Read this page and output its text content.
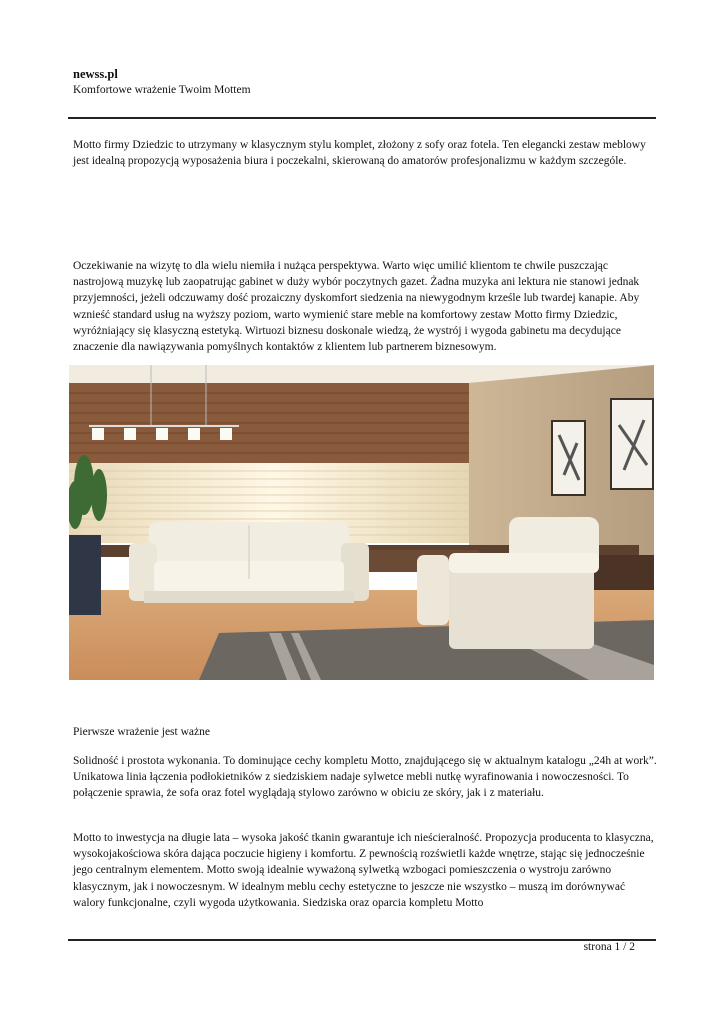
newss.pl
Komfortowe wrażenie Twoim Mottem

Motto firmy Dziedzic to utrzymany w klasycznym stylu komplet, złożony z sofy oraz fotela. Ten elegancki zestaw meblowy jest idealną propozycją wyposażenia biura i poczekalni, skierowaną do amatorów profesjonalizmu w każdym szczególe.

Oczekiwanie na wizytę to dla wielu niemiła i nużąca perspektywa. Warto więc umilić klientom te chwile puszczając nastrojową muzykę lub zaopatrując gabinet w duży wybór poczytnych gazet. Żadna muzyka ani lektura nie stanowi jednak przyjemności, jeżeli odczuwamy dość prozaiczny dyskomfort siedzenia na niewygodnym krześle lub twardej kanapie. Aby wznieść standard usług na wyższy poziom, warto wymienić stare meble na komfortowy zestaw Motto firmy Dziedzic, wyróżniający się klasyczną estetyką. Wirtuozi biznesu doskonale wiedzą, że wystrój i wygoda gabinetu ma decydujące znaczenie dla nawiązywania pomyślnych kontaktów z klientem lub partnerem biznesowym.

Pierwsze wrażenie jest ważne

Solidność i prostota wykonania. To dominujące cechy kompletu Motto, znajdującego się w aktualnym katalogu „24h at work”. Unikatowa linia łączenia podłokietników z siedziskiem nadaje sylwetce mebli nutkę wyrafinowania i nowoczesności. To połączenie sprawia, że sofa oraz fotel wyglądają stylowo zarówno w obiciu ze skóry, jak i z materiału.

Motto to inwestycja na długie lata – wysoka jakość tkanin gwarantuje ich nieścieralność. Propozycja producenta to klasyczna, wysokojakościowa skóra dająca poczucie higieny i komfortu. Z pewnością rozświetli każde wnętrze, stając się jednocześnie jego centralnym elementem. Motto swoją idealnie wyważoną sylwetką wzbogaci pomieszczenia o wystroju zarówno klasycznym, jak i nowoczesnym. W idealnym meblu cechy estetyczne to jeszcze nie wszystko – muszą im dorównywać walory funkcjonalne, czyli wygoda użytkowania. Siedziska oraz oparcia kompletu Motto

strona 1 / 2
